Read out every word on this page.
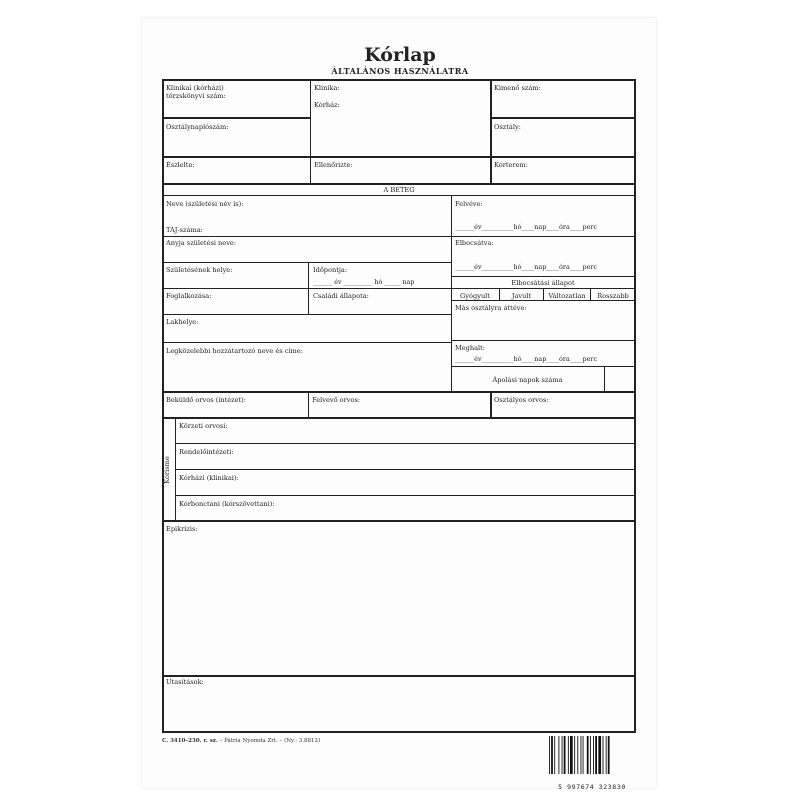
Kórlap
ÁLTALÁNOS HASZNÁLATRA
Klinikai (kórházi)
törzskönyvi szám:
Klinika:
Kórház:
Kimenő szám:
Osztálynaplószám:	Osztály:
Észlelte:	Ellenőrizte:	Kórterem:
A BETEG
Neve (születési név is):
TAJ-száma:
Anyja születési neve:
Születésének helye:	Időpontja:
______ év _________ hó _____ nap
Foglalkozása:	Családi állapota:
Lakhelye:
Legközelebbi hozzátartozó neve és címe:
Felvéve:
______év__________hó____nap____óra____perc
Elbocsátva:
______év__________hó____nap____óra____perc
Elbocsátási állapot
Gyógyult	Javult	Változatlan	Rosszabb
Más osztályra áttéve:
Meghalt:
______év__________hó____nap____óra____perc
Ápolási napok száma
Beküldő orvos (intézet):	Felvevő orvos:	Osztályos orvos:
Kórisme
Körzeti orvosi:
Rendelőintézeti:
Kórházi (klinikai):
Kórbonctani (kórszövettani):
Epikrízis:
Utasítások:
C. 3410–230. r. sz. – Pátria Nyomda Zrt. – (Ny.: 3.8812)
5 997674 323830
